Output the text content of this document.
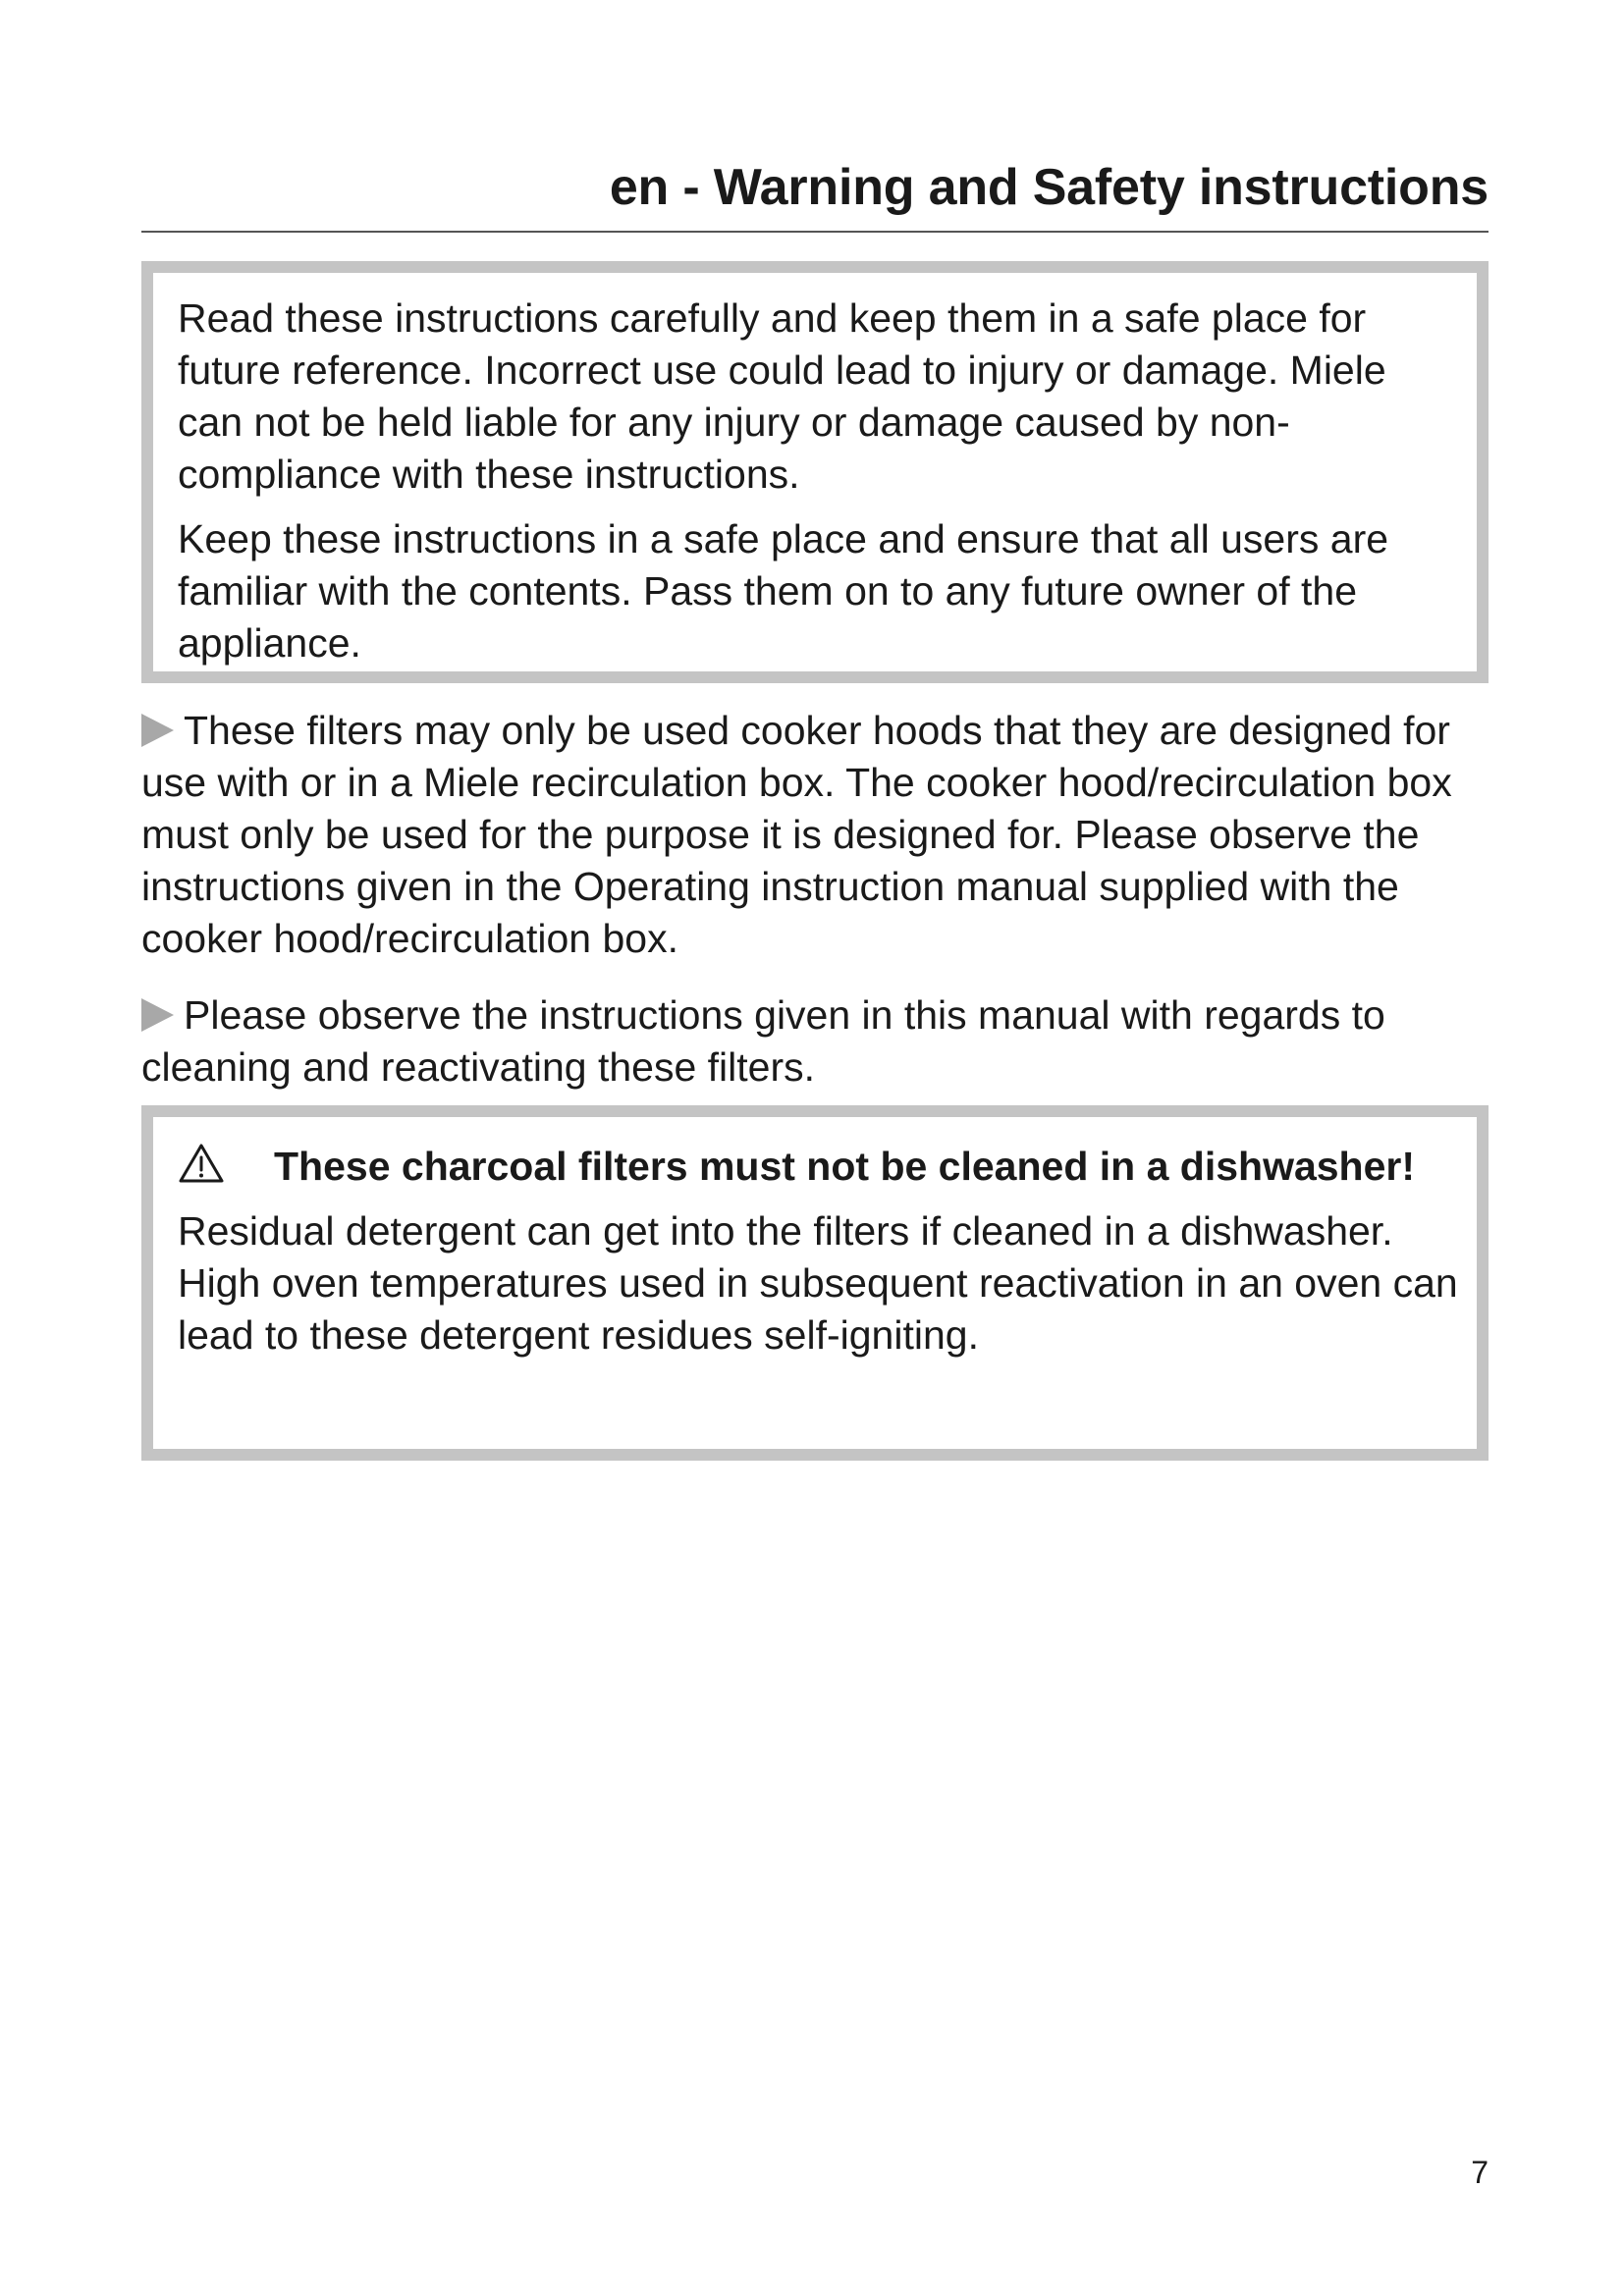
en - Warning and Safety instructions

Read these instructions carefully and keep them in a safe place for future reference. Incorrect use could lead to injury or damage. Miele can not be held liable for any injury or damage caused by non-compliance with these instructions.

Keep these instructions in a safe place and ensure that all users are familiar with the contents. Pass them on to any future owner of the appliance.

These filters may only be used cooker hoods that they are designed for use with or in a Miele recirculation box. The cooker hood/recirculation box must only be used for the purpose it is designed for. Please observe the instructions given in the Operating instruction manual supplied with the cooker hood/recirculation box.

Please observe the instructions given in this manual with regards to cleaning and reactivating these filters.

These charcoal filters must not be cleaned in a dishwasher!

Residual detergent can get into the filters if cleaned in a dishwasher. High oven temperatures used in subsequent reactivation in an oven can lead to these detergent residues self-igniting.

7
